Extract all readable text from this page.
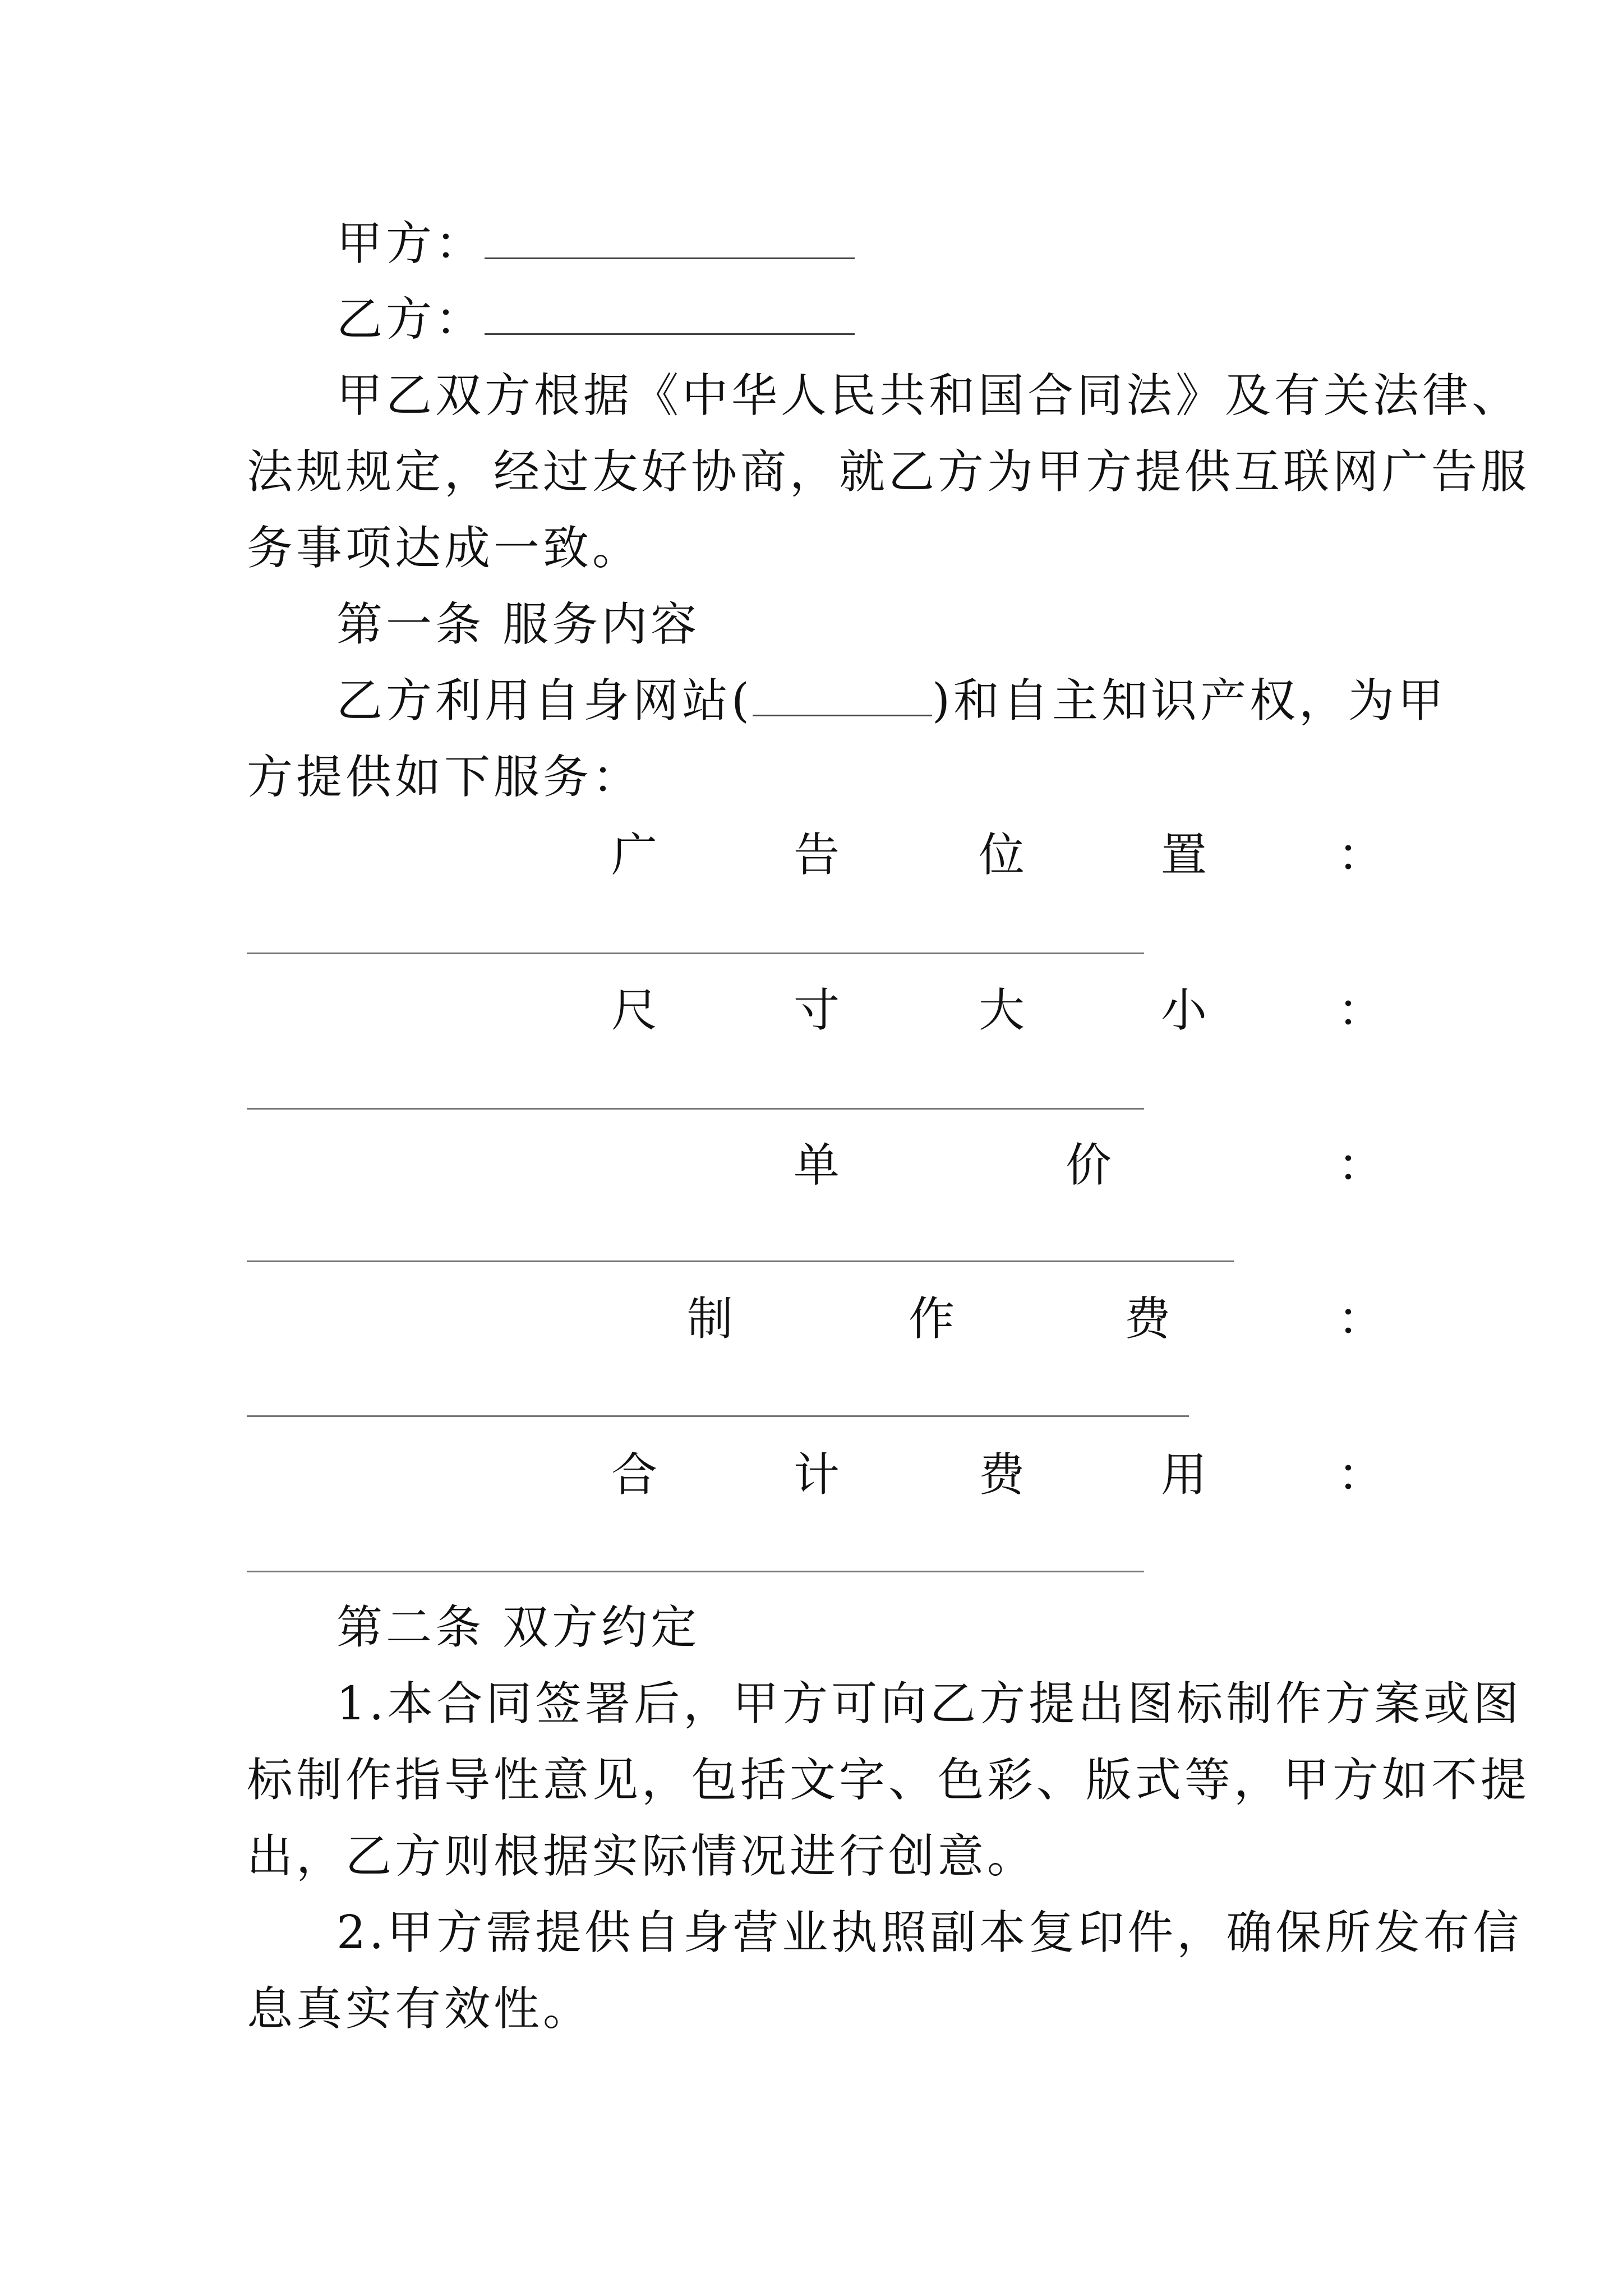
甲方：
乙方：
甲乙双方根据《中华人民共和国合同法》及有关法律、
法规规定，经过友好协商，就乙方为甲方提供互联网广告服
务事项达成一致。
第一条 服务内容
乙方利用自身网站(	)和自主知识产权，为甲
方提供如下服务：
广	告	位	置	：
尺	寸	大	小	：
单	价	：
制	作	费	：
合	计	费	用	：
第二条 双方约定
1.本合同签署后，甲方可向乙方提出图标制作方案或图
标制作指导性意见，包括文字、色彩、版式等，甲方如不提
出，乙方则根据实际情况进行创意。
2.甲方需提供自身营业执照副本复印件，确保所发布信
息真实有效性。
